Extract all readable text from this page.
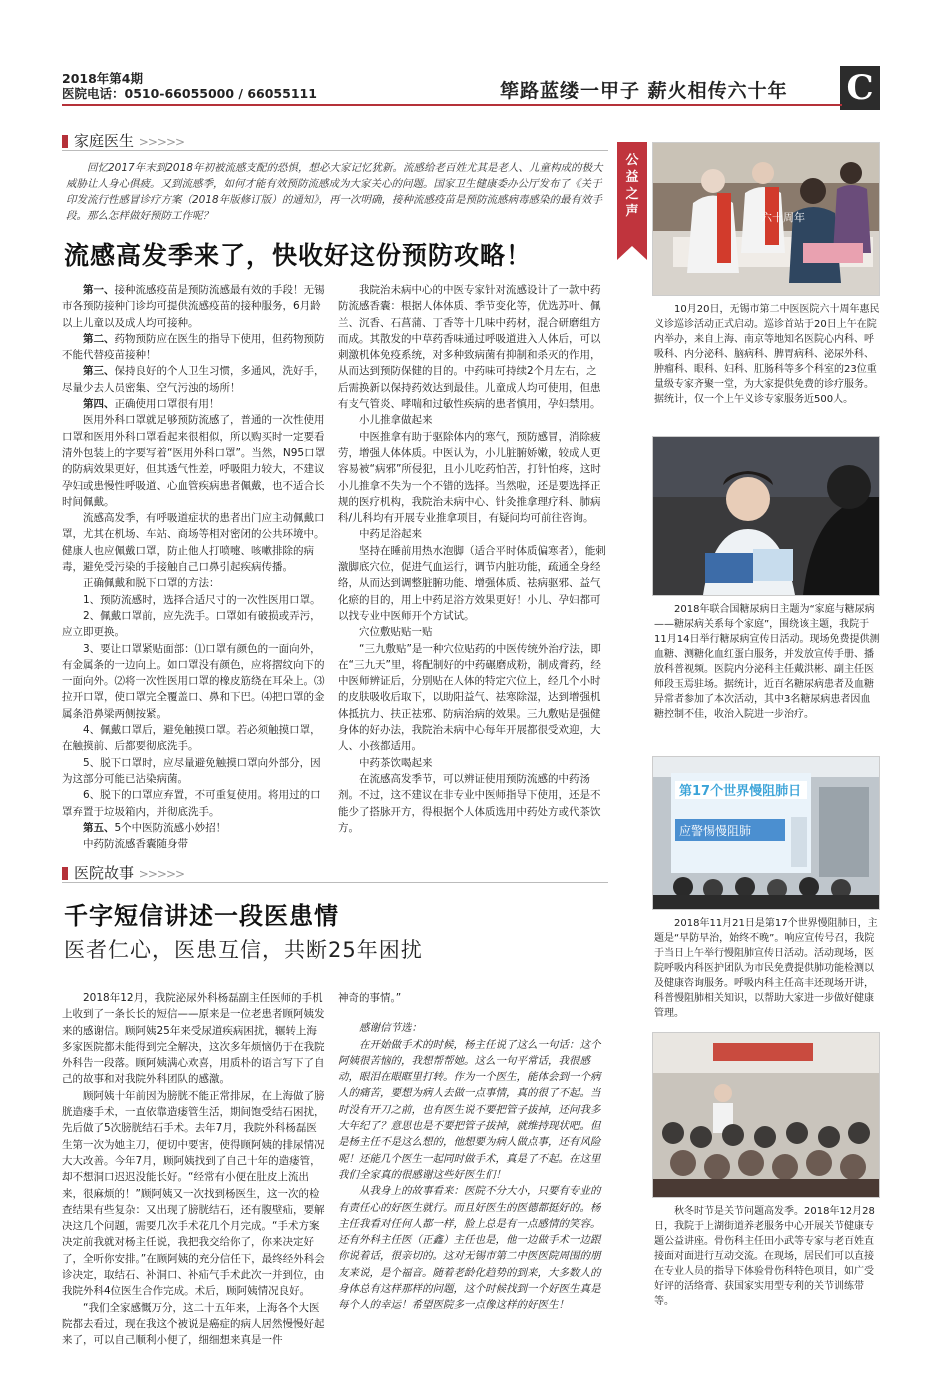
2018年第4期
医院电话：0510-66055000 / 66055111	筚路蓝缕一甲子 薪火相传六十年 C
家庭医生 >>>>>
回忆2017年末到2018年初被流感支配的恐惧，想必大家记忆犹新。流感给老百姓尤其是老人、儿童构成的极大威胁让人身心俱疲。又到流感季，如何才能有效预防流感成为大家关心的问题。国家卫生健康委办公厅发布了《关于印发流行性感冒诊疗方案（2018年版修订版）的通知》，再一次明确，接种流感疫苗是预防流感病毒感染的最有效手段。那么怎样做好预防工作呢？
流感高发季来了，快收好这份预防攻略！

第一、接种流感疫苗是预防流感最有效的手段！无锡市各预防接种门诊均可提供流感疫苗的接种服务，6月龄以上儿童以及成人均可接种。

第二、药物预防应在医生的指导下使用，但药物预防不能代替疫苗接种！

第三、保持良好的个人卫生习惯，多通风，洗好手，尽量少去人员密集、空气污浊的场所！

第四、正确使用口罩很有用！

医用外科口罩就足够预防流感了，普通的一次性使用口罩和医用外科口罩看起来很相似，所以购买时一定要看清外包装上的字要写着“医用外科口罩”。当然，N95口罩的防病效果更好，但其透气性差，呼吸阻力较大，不建议孕妇或患慢性呼吸道、心血管疾病患者佩戴，也不适合长时间佩戴。

流感高发季，有呼吸道症状的患者出门应主动佩戴口罩，尤其在机场、车站、商场等相对密闭的公共环境中。健康人也应佩戴口罩，防止他人打喷嚏、咳嗽排除的病毒，避免受污染的手接触自己口鼻引起疾病传播。

正确佩戴和脱下口罩的方法：

1、预防流感时，选择合适尺寸的一次性医用口罩。

2、佩戴口罩前，应先洗手。口罩如有破损或弄污，应立即更换。

3、要让口罩紧贴面部：⑴口罩有颜色的一面向外，有金属条的一边向上。如口罩没有颜色，应将摺纹向下的一面向外。⑵将一次性医用口罩的橡皮筋绕在耳朵上。⑶拉开口罩，使口罩完全覆盖口、鼻和下巴。⑷把口罩的金属条沿鼻梁两侧按紧。

4、佩戴口罩后，避免触摸口罩。若必须触摸口罩，在触摸前、后都要彻底洗手。

5、脱下口罩时，应尽量避免触摸口罩向外部分，因为这部分可能已沾染病菌。

6、脱下的口罩应弃置，不可重复使用。将用过的口罩弃置于垃圾箱内，并彻底洗手。

第五、5个中医防流感小妙招！

中药防流感香囊随身带

我院治未病中心的中医专家针对流感设计了一款中药防流感香囊：根据人体体质、季节变化等，优选苏叶、佩兰、沉香、石菖蒲、丁香等十几味中药材，混合研磨组方而成。其散发的中草药香味通过呼吸道进入人体后，可以刺激机体免疫系统，对多种致病菌有抑制和杀灭的作用，从而达到预防保健的目的。中药味可持续2个月左右，之后需换新以保持药效达到最佳。儿童成人均可使用，但患有支气管炎、哮喘和过敏性疾病的患者慎用，孕妇禁用。

小儿推拿做起来

中医推拿有助于驱除体内的寒气，预防感冒，消除疲劳，增强人体体质。中医认为，小儿脏腑娇嫩，较成人更容易被“病邪”所侵犯，且小儿吃药怕苦，打针怕疼，这时小儿推拿不失为一个不错的选择。当然啦，还是要选择正规的医疗机构，我院治未病中心、针灸推拿理疗科、肺病科/儿科均有开展专业推拿项目，有疑问均可前往咨询。

中药足浴起来

坚持在睡前用热水泡脚（适合平时体质偏寒者），能刺激脚底穴位，促进气血运行，调节内脏功能，疏通全身经络，从而达到调整脏腑功能、增强体质、祛病驱邪、益气化瘀的目的，用上中药足浴方效果更好！小儿、孕妇都可以找专业中医师开个方试试。

穴位敷贴贴一贴

“三九敷贴”是一种穴位贴药的中医传统外治疗法，即在“三九天”里，将配制好的中药碾磨成粉，制成膏药，经中医师辨证后，分别贴在人体的特定穴位上，经几个小时的皮肤吸收后取下，以助阳益气、祛寒除湿，达到增强机体抵抗力、扶正祛邪、防病治病的效果。三九敷贴是强健身体的好办法，我院治未病中心每年开展都很受欢迎，大人、小孩都适用。

中药茶饮喝起来

在流感高发季节，可以辨证使用预防流感的中药汤剂。不过，这不建议在非专业中医师指导下使用，还是不能少了搭脉开方，得根据个人体质选用中药处方或代茶饮方。

医院故事 >>>>>
千字短信讲述一段医患情
医者仁心，医患互信，共断25年困扰

2018年12月，我院泌尿外科杨磊副主任医师的手机上收到了一条长长的短信——原来是一位老患者顾阿姨发来的感谢信。顾阿姨25年来受尿道疾病困扰，辗转上海多家医院都未能得到完全解决，这次多年烦恼仍于在我院外科告一段落。顾阿姨满心欢喜，用质朴的语言写下了自己的故事和对我院外科团队的感激。

顾阿姨十年前因为膀胱不能正常排尿，在上海做了膀胱造瘘手术，一直依靠造瘘管生活，期间饱受结石困扰，先后做了5次膀胱结石手术。去年7月，我院外科杨磊医生第一次为她主刀，便切中要害，使得顾阿姨的排尿情况大大改善。今年7月，顾阿姨找到了自己十年的造瘘管，却不想洞口迟迟没能长好。“经常有小便在肚皮上流出来，很麻烦的！”顾阿姨又一次找到杨医生，这一次的检查结果有些复杂：又出现了膀胱结石，还有腹壁疝，要解决这几个问题，需要几次手术花几个月完成。“手术方案决定前我就对杨主任说，我把我交给你了，你来决定好了，全听你安排。”在顾阿姨的充分信任下，最终经外科会诊决定，取结石、补洞口、补疝气手术此次一并到位，由我院外科4位医生合作完成。术后，顾阿姨情况良好。

“我们全家感慨万分，这二十五年来，上海各个大医院都去看过，现在我这个被说是癌症的病人居然慢慢好起来了，可以自己顺利小便了，细细想来真是一件

神奇的事情。”

感谢信节选：

在开始做手术的时候，杨主任说了这么一句话：这个阿姨很苦恼的，我想帮帮她。这么一句平常话，我很感动，眼泪在眼眶里打转。作为一个医生，能体会到一个病人的痛苦，要想为病人去做一点事情，真的很了不起。当时没有开刀之前，也有医生说不要把管子拔掉，还问我多大年纪了？意思也是不要把管子拔掉，就维持现状吧。但是杨主任不是这么想的，他想要为病人做点事，还有风险呢！还能几个医生一起同时做手术，真是了不起。在这里我们全家真的很感谢这些好医生们！

从我身上的故事看来：医院不分大小，只要有专业的有责任心的好医生就行。而且好医生的医德都挺好的。杨主任我看对任何人都一样，脸上总是有一点感情的笑容。还有外科主任医（正鑫）主任也是，他一边做手术一边跟你说着话，很亲切的。这对无锡市第二中医医院周围的朋友来说，是个福音。随着老龄化趋势的到来，大多数人的身体总有这样那样的问题，这个时候找到一个好医生真是每个人的幸运！希望医院多一点像这样的好医生！

公益之声	六十周年
10月20日，无锡市第二中医医院六十周年惠民义诊巡诊活动正式启动。巡诊首站于20日上午在院内举办，来自上海、南京等地知名医院心内科、呼吸科、内分泌科、脑病科、脾胃病科、泌尿外科、肿瘤科、眼科、妇科、肛肠科等多个科室的23位重量级专家齐聚一堂，为大家提供免费的诊疗服务。据统计，仅一个上午义诊专家服务近500人。
2018年联合国糖尿病日主题为“家庭与糖尿病——糖尿病关系每个家庭”，围绕该主题，我院于11月14日举行糖尿病宣传日活动。现场免费提供测血糖、测糖化血红蛋白服务，并发放宣传手册、播放科普视频。医院内分泌科主任戴洪彬、副主任医师段玉焉驻场。据统计，近百名糖尿病患者及血糖异常者参加了本次活动，其中3名糖尿病患者因血糖控制不佳，收治入院进一步治疗。
第17个世界慢阻肺日
应警惕慢阻肺
2018年11月21日是第17个世界慢阻肺日，主题是“早防早治，始终不晚”。响应宣传号召，我院于当日上午举行慢阻肺宣传日活动。活动现场，医院呼吸内科医护团队为市民免费提供肺功能检测以及健康咨询服务。呼吸内科主任高丰还现场开讲，科普慢阻肺相关知识，以帮助大家进一步做好健康管理。
秋冬时节是关节问题高发季。2018年12月28日，我院于上湖街道养老服务中心开展关节健康专题公益讲座。骨伤科主任田小武等专家与老百姓直接面对面进行互动交流。在现场，居民们可以直接在专业人员的指导下体验骨伤科特色项目，如广受好评的活络膏、获国家实用型专利的关节训练带等。
